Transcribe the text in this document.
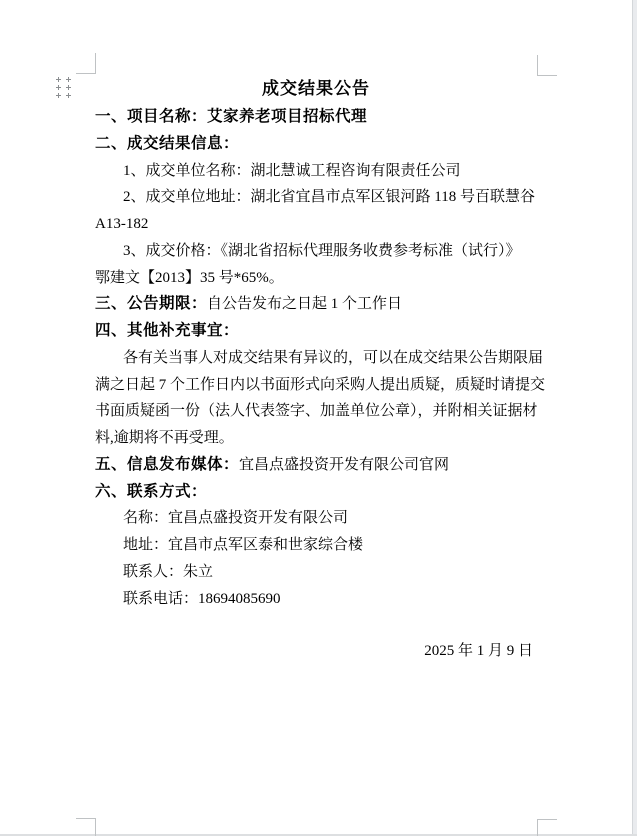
成交结果公告
一、项目名称：艾家养老项目招标代理
二、成交结果信息：
1、成交单位名称：湖北慧诚工程咨询有限责任公司
2、成交单位地址：湖北省宜昌市点军区银河路 118 号百联慧谷
A13-182
3、成交价格：《湖北省招标代理服务收费参考标准（试行）》
鄂建文【2013】35 号*65%。
三、公告期限：自公告发布之日起 1 个工作日
四、其他补充事宜：
各有关当事人对成交结果有异议的，可以在成交结果公告期限届
满之日起 7 个工作日内以书面形式向采购人提出质疑，质疑时请提交
书面质疑函一份（法人代表签字、加盖单位公章），并附相关证据材
料,逾期将不再受理。
五、信息发布媒体：宜昌点盛投资开发有限公司官网
六、联系方式：
名称：宜昌点盛投资开发有限公司
地址：宜昌市点军区泰和世家综合楼
联系人：朱立
联系电话：18694085690
2025 年 1 月 9 日
